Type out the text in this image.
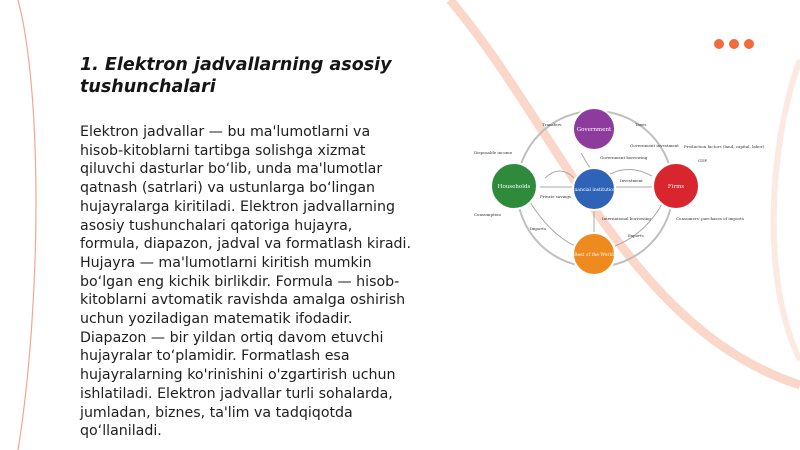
1. Elektron jadvallarning asosiy tushunchalari

Elektron jadvallar — bu ma'lumotlarni va hisob-kitoblarni tartibga solishga xizmat qiluvchi dasturlar bo‘lib, unda ma'lumotlar qatnash (satrlari) va ustunlarga bo‘lingan hujayralarga kiritiladi. Elektron jadvallarning asosiy tushunchalari qatoriga hujayra, formula, diapazon, jadval va formatlash kiradi. Hujayra — ma'lumotlarni kiritish mumkin bo‘lgan eng kichik birlikdir. Formula — hisob-kitoblarni avtomatik ravishda amalga oshirish uchun yoziladigan matematik ifodadir. Diapazon — bir yildan ortiq davom etuvchi hujayralar to‘plamidir. Formatlash esa hujayralarning ko'rinishini o'zgartirish uchun ishlatiladi. Elektron jadvallar turli sohalarda, jumladan, biznes, ta'lim va tadqiqotda qo‘llaniladi.

Government
Households	Firms
Financial institutions
Rest of the World
Transfers	Taxes
Disposable income
Government investment
Government borrowing
Production factors (land, capital, labor)
GDP
Investment
Private savings
Consumption
Imports
Exports
International borrowing	Consumers' purchases of imports
